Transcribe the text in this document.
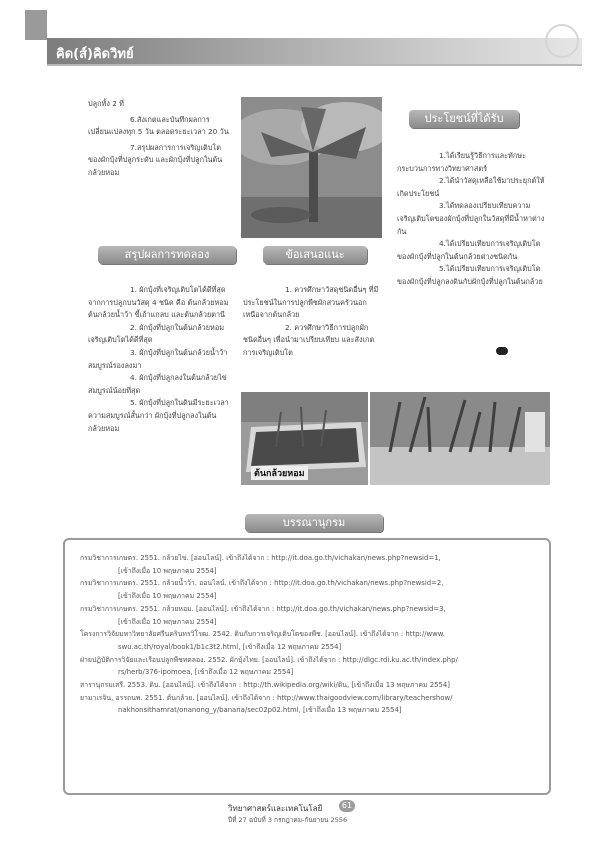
คิด(ส์)คิดวิทย์

ปลูกทั้ง 2 ที่

6.สังเกตและบันทึกผลการเปลี่ยนแปลงทุก 5 วัน ตลอดระยะเวลา 20 วัน

7.สรุปผลการการเจริญเติบโตของผักบุ้งที่ปลูกระดับ และผักบุ้งที่ปลูกในต้นกล้วยหอม

ประโยชน์ที่ได้รับ

1.ได้เรียนรู้วิธีการและทักษะกระบวนการทางวิทยาศาสตร์

2.ได้นำวัสดุเหลือใช้มาประยุกต์ให้เกิดประโยชน์

3.ได้ทดลองเปรียบเทียบความเจริญเติบโตของผักบุ้งที่ปลูกในวัสดุที่มีน้ำหาต่างกัน

4.ได้เปรียบเทียบการเจริญเติบโตของผักบุ้งที่ปลูกในต้นกล้วยต่างชนิดกัน

5.ได้เปรียบเทียบการเจริญเติบโตของผักบุ้งที่ปลูกลงดินกับผักบุ้งที่ปลูกในต้นกล้วย

สรุปผลการทดลอง

1. ผักบุ้งที่เจริญเติบโตได้ดีที่สุดจากการปลูกบนวัสดุ 4 ชนิด คือ ต้นกล้วยหอม ต้นกล้วยน้ำว้า ขี้เถ้าแกลบ และต้นกล้วยตานี

2. ผักบุ้งที่ปลูกในต้นกล้วยหอมเจริญเติบโตได้ดีที่สุด

3. ผักบุ้งที่ปลูกในต้นกล้วยน้ำว้าสมบูรณ์รองลงมา

4. ผักบุ้งที่ปลูกลงในต้นกล้วยไข่สมบูรณ์น้อยที่สุด

5. ผักบุ้งที่ปลูกในดินมีระยะเวลาความสมบูรณ์สั้นกว่า ผักบุ้งที่ปลูกลงในต้นกล้วยหอม

ข้อเสนอแนะ

1. ควรศึกษาวัสดุชนิดอื่นๆ ที่มีประโยชน์ในการปลูกพืชผักสวนครัวนอกเหนือจากต้นกล้วย

2. ควรศึกษาวิธีการปลูกผักชนิดอื่นๆ เพื่อนำมาเปรียบเทียบ และสังเกตการเจริญเติบโต

ต้นกล้วยหอม
บรรณานุกรม

กรมวิชาการเกษตร. 2551. กล้วยไข่. [ออนไลน์]. เข้าถึงได้จาก : http://it.doa.go.th/vichakan/news.php?newsid=1,

[เข้าถึงเมื่อ 10 พฤษภาคม 2554]

กรมวิชาการเกษตร. 2551. กล้วยน้ำว้า. ออนไลน์. เข้าถึงได้จาก : http://it.doa.go.th/vichakan/news.php?newsid=2,

[เข้าถึงเมื่อ 10 พฤษภาคม 2554]

กรมวิชาการเกษตร. 2551. กล้วยหอม. [ออนไลน์]. เข้าถึงได้จาก : http://it.doa.go.th/vichakan/news.php?newsid=3,

[เข้าถึงเมื่อ 10 พฤษภาคม 2554]

โครงการวิจัยมหาวิทยาลัยศรีนครินทรวิโรฒ. 2542. ดินกับการเจริญเติบโตของพืช. [ออนไลน์]. เข้าถึงได้จาก : http://www.

swu.ac.th/royal/book1/b1c3t2.html, [เข้าถึงเมื่อ 12 พฤษภาคม 2554]

ฝ่ายปฏิบัติการวิจัยและเรือนปลูกพืชทดลอง. 2552. ผักบุ้งไทย. [ออนไลน์]. เข้าถึงได้จาก : http://dlgc.rdi.ku.ac.th/index.php/

rs/herb/376-ipomoea, [เข้าถึงเมื่อ 12 พฤษภาคม 2554]

สารานุกรมเสรี. 2553. ดิน. [ออนไลน์]. เข้าถึงได้จาก : http://th.wikipedia.org/wiki/ดิน, [เข้าถึงเมื่อ 13 พฤษภาคม 2554]

ยามาเรจิน, อรรถนพ. 2551. ต้นกล้วย. [ออนไลน์]. เข้าถึงได้จาก : http://www.thaigoodview.com/library/teachershow/

nakhonsithamrat/onanong_y/banana/sec02p02.html, [เข้าถึงเมื่อ 13 พฤษภาคม 2554]

วิทยาศาสตร์และเทคโนโลยี	61
ปีที่ 27 ฉบับที่ 3 กรกฎาคม-กันยายน 2556
